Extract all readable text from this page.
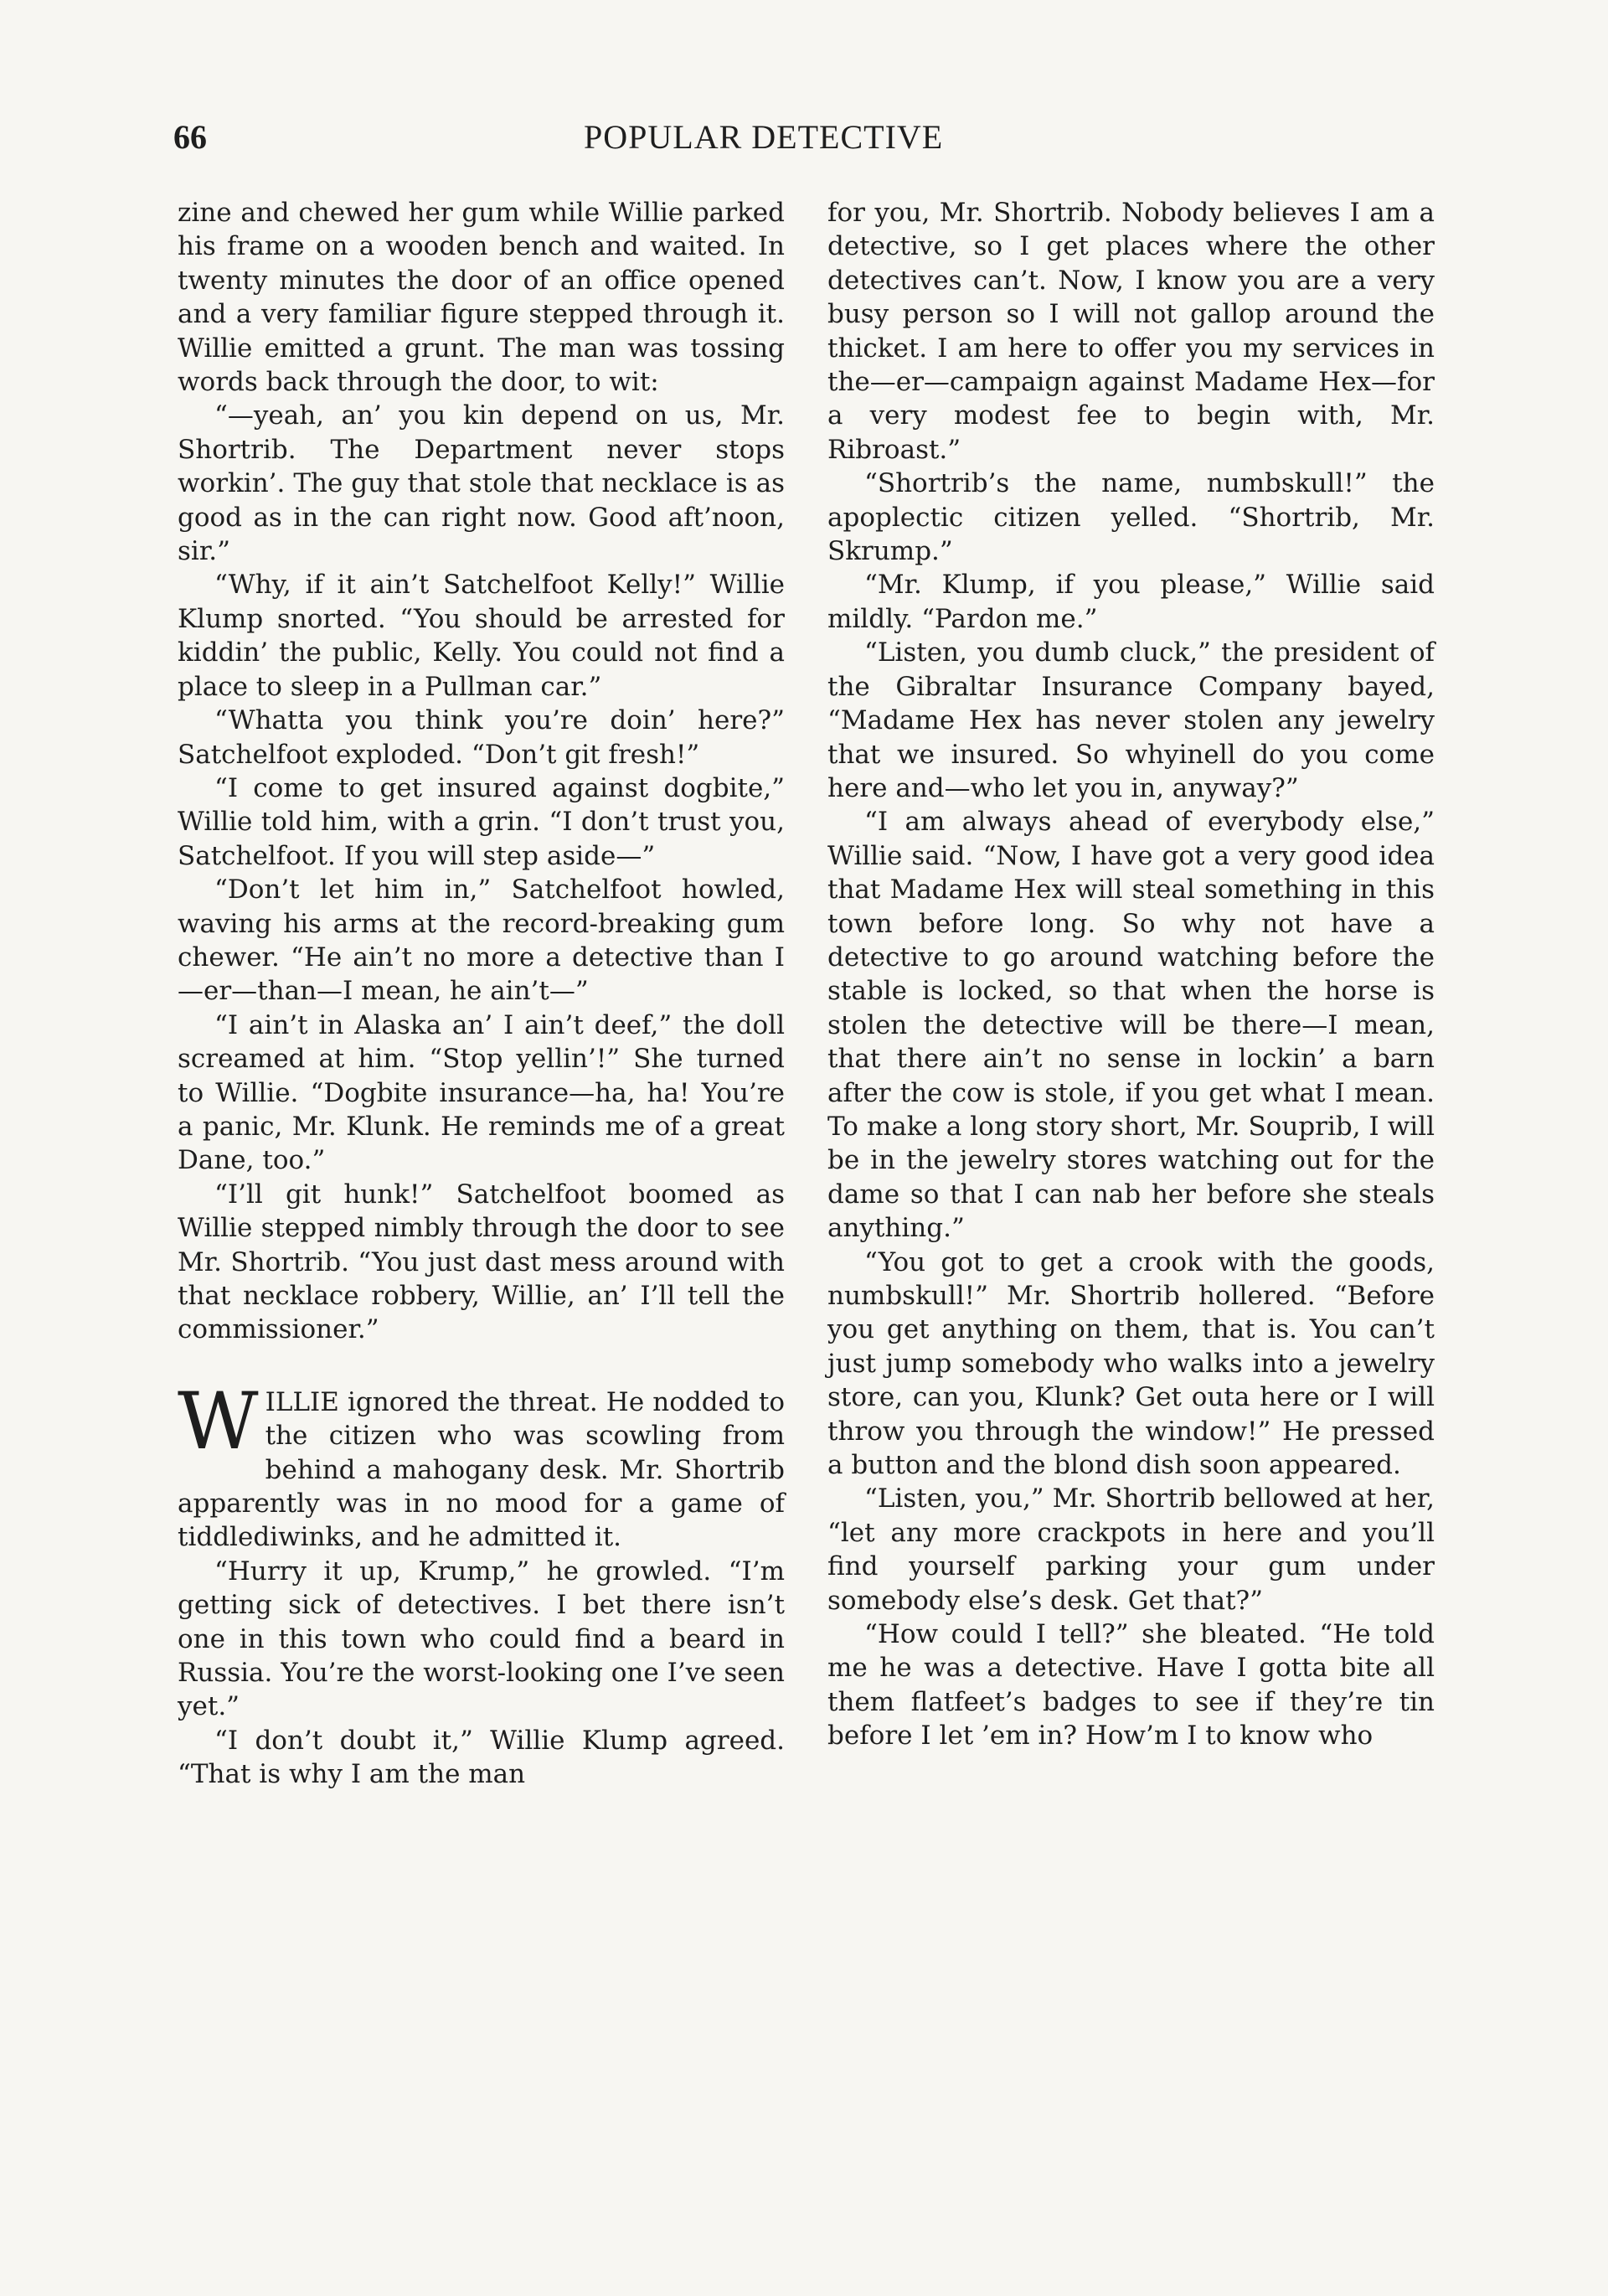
66	POPULAR DETECTIVE

zine and chewed her gum while Willie parked his frame on a wooden bench and waited. In twenty minutes the door of an office opened and a very familiar figure stepped through it. Willie emitted a grunt. The man was tossing words back through the door, to wit:

“—yeah, an’ you kin depend on us, Mr. Shortrib. The Department never stops workin’. The guy that stole that necklace is as good as in the can right now. Good aft’noon, sir.”

“Why, if it ain’t Satchelfoot Kelly!” Willie Klump snorted. “You should be arrested for kiddin’ the public, Kelly. You could not find a place to sleep in a Pullman car.”

“Whatta you think you’re doin’ here?” Satchelfoot exploded. “Don’t git fresh!”

“I come to get insured against dogbite,” Willie told him, with a grin. “I don’t trust you, Satchelfoot. If you will step aside—”

“Don’t let him in,” Satchelfoot howled, waving his arms at the record-breaking gum chewer. “He ain’t no more a detective than I—er—than—I mean, he ain’t—”

“I ain’t in Alaska an’ I ain’t deef,” the doll screamed at him. “Stop yellin’!” She turned to Willie. “Dogbite insurance—ha, ha! You’re a panic, Mr. Klunk. He reminds me of a great Dane, too.”

“I’ll git hunk!” Satchelfoot boomed as Willie stepped nimbly through the door to see Mr. Shortrib. “You just dast mess around with that necklace robbery, Willie, an’ I’ll tell the commissioner.”

WILLIE ignored the threat. He nodded to the citizen who was scowling from behind a mahogany desk. Mr. Shortrib apparently was in no mood for a game of tiddlediwinks, and he admitted it.

“Hurry it up, Krump,” he growled. “I’m getting sick of detectives. I bet there isn’t one in this town who could find a beard in Russia. You’re the worst-looking one I’ve seen yet.”

“I don’t doubt it,” Willie Klump agreed. “That is why I am the man

for you, Mr. Shortrib. Nobody believes I am a detective, so I get places where the other detectives can’t. Now, I know you are a very busy person so I will not gallop around the thicket. I am here to offer you my services in the—er—campaign against Madame Hex—for a very modest fee to begin with, Mr. Ribroast.”

“Shortrib’s the name, numbskull!” the apoplectic citizen yelled. “Shortrib, Mr. Skrump.”

“Mr. Klump, if you please,” Willie said mildly. “Pardon me.”

“Listen, you dumb cluck,” the president of the Gibraltar Insurance Company bayed, “Madame Hex has never stolen any jewelry that we insured. So whyinell do you come here and—who let you in, anyway?”

“I am always ahead of everybody else,” Willie said. “Now, I have got a very good idea that Madame Hex will steal something in this town before long. So why not have a detective to go around watching before the stable is locked, so that when the horse is stolen the detective will be there—I mean, that there ain’t no sense in lockin’ a barn after the cow is stole, if you get what I mean. To make a long story short, Mr. Souprib, I will be in the jewelry stores watching out for the dame so that I can nab her before she steals anything.”

“You got to get a crook with the goods, numbskull!” Mr. Shortrib hollered. “Before you get anything on them, that is. You can’t just jump somebody who walks into a jewelry store, can you, Klunk? Get outa here or I will throw you through the window!” He pressed a button and the blond dish soon appeared.

“Listen, you,” Mr. Shortrib bellowed at her, “let any more crackpots in here and you’ll find yourself parking your gum under somebody else’s desk. Get that?”

“How could I tell?” she bleated. “He told me he was a detective. Have I gotta bite all them flatfeet’s badges to see if they’re tin before I let ’em in? How’m I to know who
